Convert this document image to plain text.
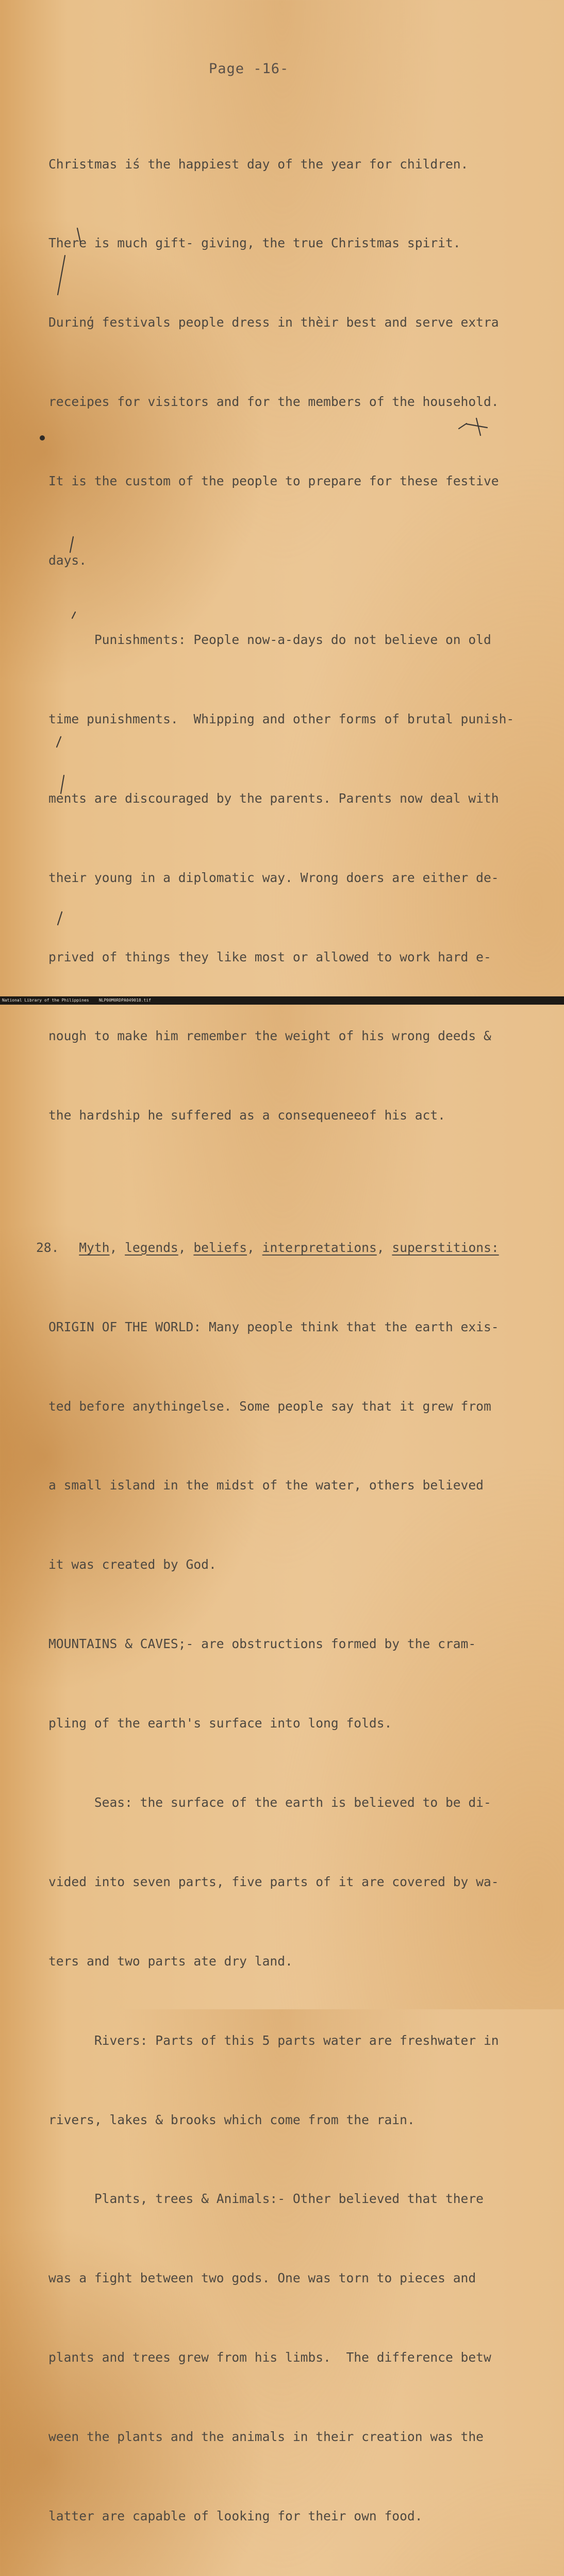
Page -16-

Christmas iś the happiest day of the year for children.

There is much gift- giving, the true Christmas spirit.

Durinģ festivals people dress in thèir best and serve extra

receipes for visitors and for the members of the household.

It is the custom of the people to prepare for these festive

days.

Punishments: People now-a-days do not believe on old

time punishments.  Whipping and other forms of brutal punish-

ments are discouraged by the parents. Parents now deal with

their young in a diplomatic way. Wrong doers are either de-

prived of things they like most or allowed to work hard e-

nough to make him remember the weight of his wrong deeds &

the hardship he suffered as a consequeneeof his act.

28. Myth, legends, beliefs, interpretations, superstitions:

ORIGIN OF THE WORLD: Many people think that the earth exis-

ted before anythingelse. Some people say that it grew from

a small island in the midst of the water, others believed

it was created by God.

MOUNTAINS & CAVES;- are obstructions formed by the cram-

pling of the earth's surface into long folds.

Seas: the surface of the earth is believed to be di-

vided into seven parts, five parts of it are covered by wa-

ters and two parts ate dry land.

Rivers: Parts of this 5 parts water are freshwater in

rivers, lakes & brooks which come from the rain.

Plants, trees & Animals:- Other believed that there

was a fight between two gods. One was torn to pieces and

plants and trees grew from his limbs.  The difference betw

ween the plants and the animals in their creation was the

latter are capable of looking for their own food.

National Library of the Philippines    NLP00M0RDPA049018.tif
